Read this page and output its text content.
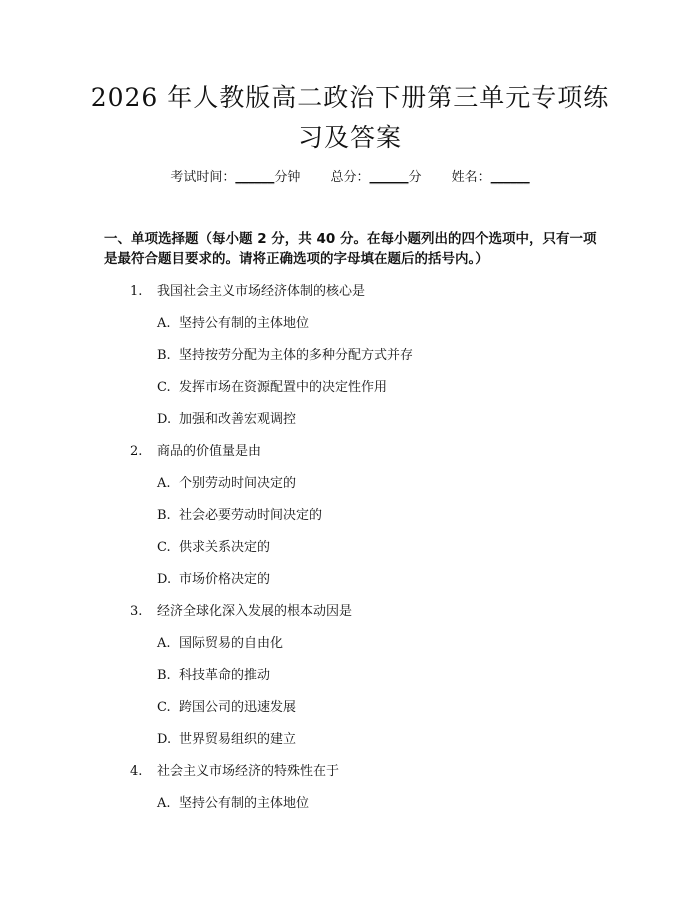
2026 年人教版高二政治下册第三单元专项练习及答案
考试时间：______分钟 总分：______分 姓名：______
一、单项选择题（每小题 2 分，共 40 分。在每小题列出的四个选项中，只有一项是最符合题目要求的。请将正确选项的字母填在题后的括号内。）
1.	我国社会主义市场经济体制的核心是
A. 坚持公有制的主体地位
B. 坚持按劳分配为主体的多种分配方式并存
C. 发挥市场在资源配置中的决定性作用
D. 加强和改善宏观调控
2.	商品的价值量是由
A. 个别劳动时间决定的
B. 社会必要劳动时间决定的
C. 供求关系决定的
D. 市场价格决定的
3.	经济全球化深入发展的根本动因是
A. 国际贸易的自由化
B. 科技革命的推动
C. 跨国公司的迅速发展
D. 世界贸易组织的建立
4.	社会主义市场经济的特殊性在于
A. 坚持公有制的主体地位
